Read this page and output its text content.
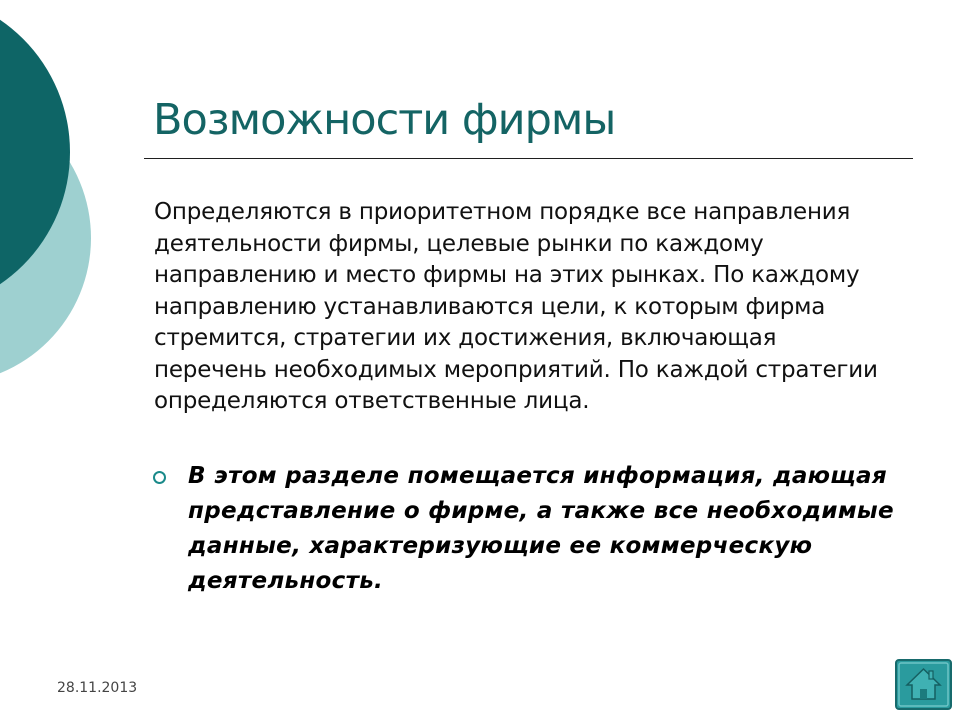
Возможности фирмы

Определяются в приоритетном порядке все направления деятельности фирмы, целевые рынки по каждому направлению и место фирмы на этих рынках. По каждому направлению устанавливаются цели, к которым фирма стремится, стратегии их достижения, включающая перечень необходимых мероприятий. По каждой стратегии определяются ответственные лица.

В этом разделе помещается информация, дающая представление о фирме, а также все необходимые данные, характеризующие ее коммерческую деятельность.

28.11.2013
